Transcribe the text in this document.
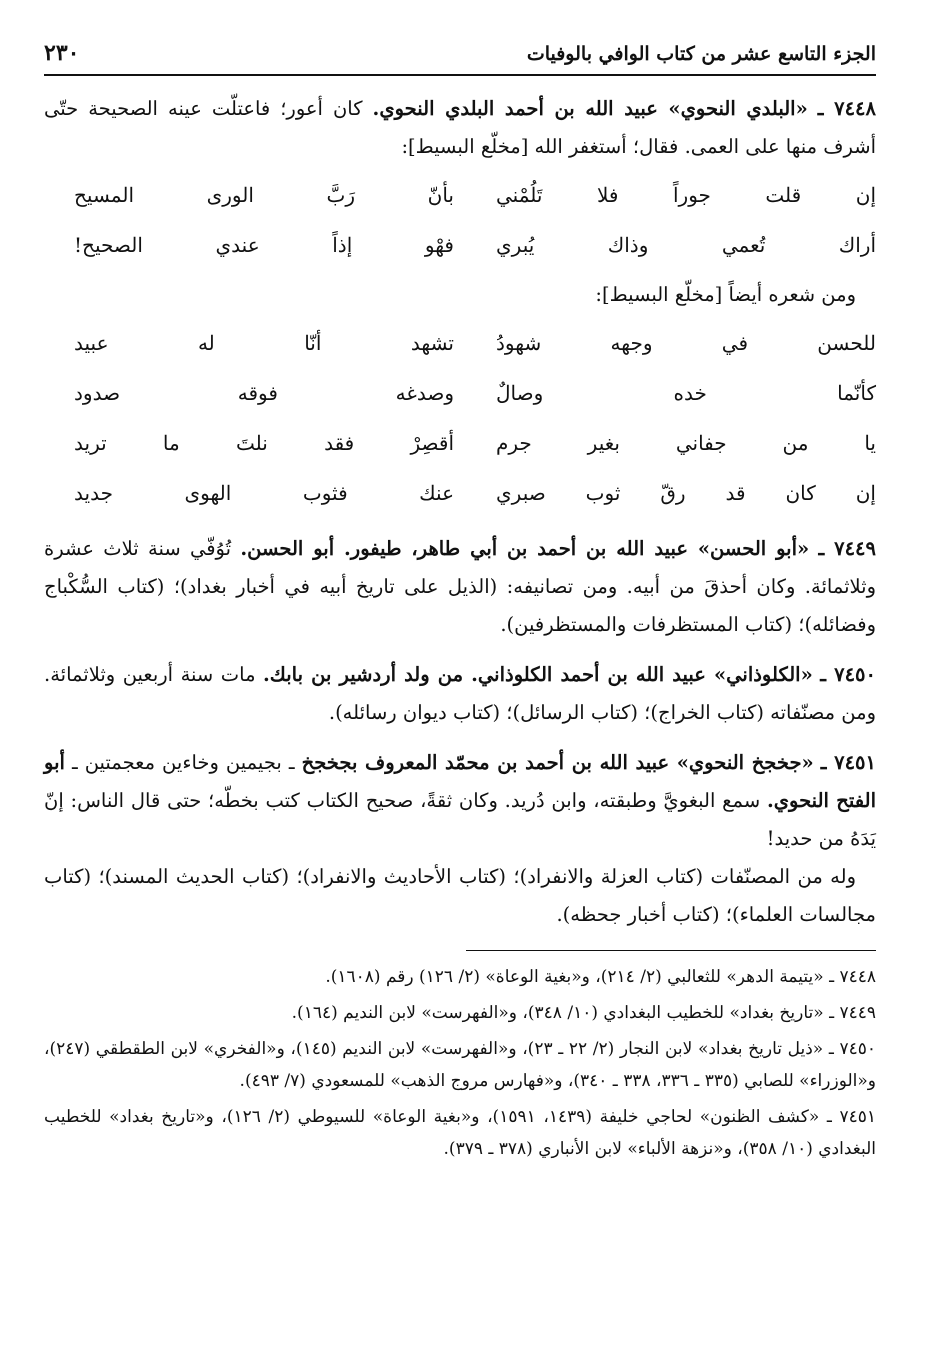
الجزء التاسع عشر من كتاب الوافي بالوفيات
٢٣٠

٧٤٤٨ ـ «البلدي النحوي» عبيد الله بن أحمد البلدي النحوي. كان أعور؛ فاعتلّت عينه الصحيحة حتّى أشرف منها على العمى. فقال؛ أستغفر الله [مخلّع البسيط]:

إن قلت جوراً فلا تَلُمْني
بأنّ رَبَّ الورى المسيح
أراك تُعمي وذاك يُبري
فهْو إذاً عندي الصحيح!

ومن شعره أيضاً [مخلّع البسيط]:

للحسن في وجهه شهودُ
تشهد أنّا له عبيد
كأنّما خده وصالٌ
وصدغه فوقه صدود
يا من جفاني بغير جرم
أقصِرْ فقد نلتَ ما تريد
إن كان قد رقّ ثوب صبري
عنك فثوب الهوى جديد

٧٤٤٩ ـ «أبو الحسن» عبيد الله بن أحمد بن أبي طاهر، طيفور. أبو الحسن. تُوُفّي سنة ثلاث عشرة وثلاثمائة. وكان أحذقَ من أبيه. ومن تصانيفه: (الذيل على تاريخ أبيه في أخبار بغداد)؛ (كتاب السُّكْباج وفضائله)؛ (كتاب المستظرفات والمستظرفين).

٧٤٥٠ ـ «الكلوذاني» عبيد الله بن أحمد الكلوذاني. من ولد أردشير بن بابك. مات سنة أربعين وثلاثمائة. ومن مصنّفاته (كتاب الخراج)؛ (كتاب الرسائل)؛ (كتاب ديوان رسائله).

٧٤٥١ ـ «جخجخ النحوي» عبيد الله بن أحمد بن محمّد المعروف بجخجخ ـ بجيمين وخاءين معجمتين ـ أبو الفتح النحوي. سمع البغويَّ وطبقته، وابن دُريد. وكان ثقةً، صحيح الكتاب كتب بخطّه؛ حتى قال الناس: إنّ يَدَهُ من حديد!

وله من المصنّفات (كتاب العزلة والانفراد)؛ (كتاب الأحاديث والانفراد)؛ (كتاب الحديث المسند)؛ (كتاب مجالسات العلماء)؛ (كتاب أخبار جحظه).

٧٤٤٨ ـ «يتيمة الدهر» للثعالبي (٢/ ٢١٤)، و«بغية الوعاة» (٢/ ١٢٦) رقم (١٦٠٨).
٧٤٤٩ ـ «تاريخ بغداد» للخطيب البغدادي (١٠/ ٣٤٨)، و«الفهرست» لابن النديم (١٦٤).
٧٤٥٠ ـ «ذيل تاريخ بغداد» لابن النجار (٢/ ٢٢ ـ ٢٣)، و«الفهرست» لابن النديم (١٤٥)، و«الفخري» لابن الطقطقي (٢٤٧)، و«الوزراء» للصابي (٣٣٥ ـ ٣٣٦، ٣٣٨ ـ ٣٤٠)، و«فهارس مروج الذهب» للمسعودي (٧/ ٤٩٣).
٧٤٥١ ـ «كشف الظنون» لحاجي خليفة (١٤٣٩، ١٥٩١)، و«بغية الوعاة» للسيوطي (٢/ ١٢٦)، و«تاريخ بغداد» للخطيب البغدادي (١٠/ ٣٥٨)، و«نزهة الألباء» لابن الأنباري (٣٧٨ ـ ٣٧٩).
